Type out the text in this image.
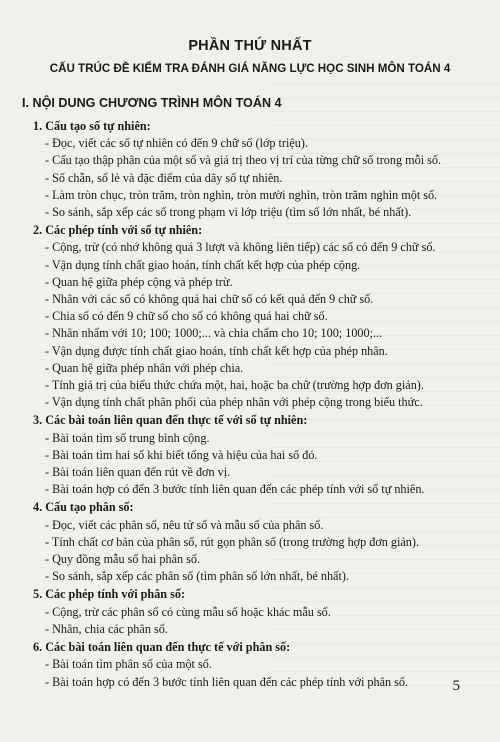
PHẦN THỨ NHẤT
CẤU TRÚC ĐỀ KIỂM TRA ĐÁNH GIÁ NĂNG LỰC HỌC SINH MÔN TOÁN 4
I. NỘI DUNG CHƯƠNG TRÌNH MÔN TOÁN 4
1. Cấu tạo số tự nhiên:
- Đọc, viết các số tự nhiên có đến 9 chữ số (lớp triệu).
- Cấu tạo thập phân của một số và giá trị theo vị trí của từng chữ số trong mỗi số.
- Số chẵn, số lẻ và đặc điểm của dãy số tự nhiên.
- Làm tròn chục, tròn trăm, tròn nghìn, tròn mười nghìn, tròn trăm nghìn một số.
- So sánh, sắp xếp các số trong phạm vi lớp triệu (tìm số lớn nhất, bé nhất).
2. Các phép tính với số tự nhiên:
- Cộng, trừ (có nhớ không quá 3 lượt và không liên tiếp) các số có đến 9 chữ số.
- Vận dụng tính chất giao hoán, tính chất kết hợp của phép cộng.
- Quan hệ giữa phép cộng và phép trừ.
- Nhân với các số có không quá hai chữ số có kết quả đến 9 chữ số.
- Chia số có đến 9 chữ số cho số có không quá hai chữ số.
- Nhân nhẩm với 10; 100; 1000;... và chia chẩm cho 10; 100; 1000;...
- Vận dụng được tính chất giao hoán, tính chất kết hợp của phép nhân.
- Quan hệ giữa phép nhân với phép chia.
- Tính giá trị của biểu thức chứa một, hai, hoặc ba chữ (trường hợp đơn giản).
- Vận dụng tính chất phân phối của phép nhân với phép cộng trong biểu thức.
3. Các bài toán liên quan đến thực tế với số tự nhiên:
- Bài toán tìm số trung bình cộng.
- Bài toán tìm hai số khi biết tổng và hiệu của hai số đó.
- Bài toán liên quan đến rút về đơn vị.
- Bài toán hợp có đến 3 bước tính liên quan đến các phép tính với số tự nhiên.
4. Cấu tạo phân số:
- Đọc, viết các phân số, nêu tử số và mẫu số của phân số.
- Tính chất cơ bản của phân số, rút gọn phân số (trong trường hợp đơn giản).
- Quy đồng mẫu số hai phân số.
- So sánh, sắp xếp các phân số (tìm phân số lớn nhất, bé nhất).
5. Các phép tính với phân số:
- Cộng, trừ các phân số có cùng mẫu số hoặc khác mẫu số.
- Nhân, chia các phân số.
6. Các bài toán liên quan đến thực tế với phân số:
- Bài toán tìm phân số của một số.
- Bài toán hợp có đến 3 bước tính liên quan đến các phép tính với phân số.	5
